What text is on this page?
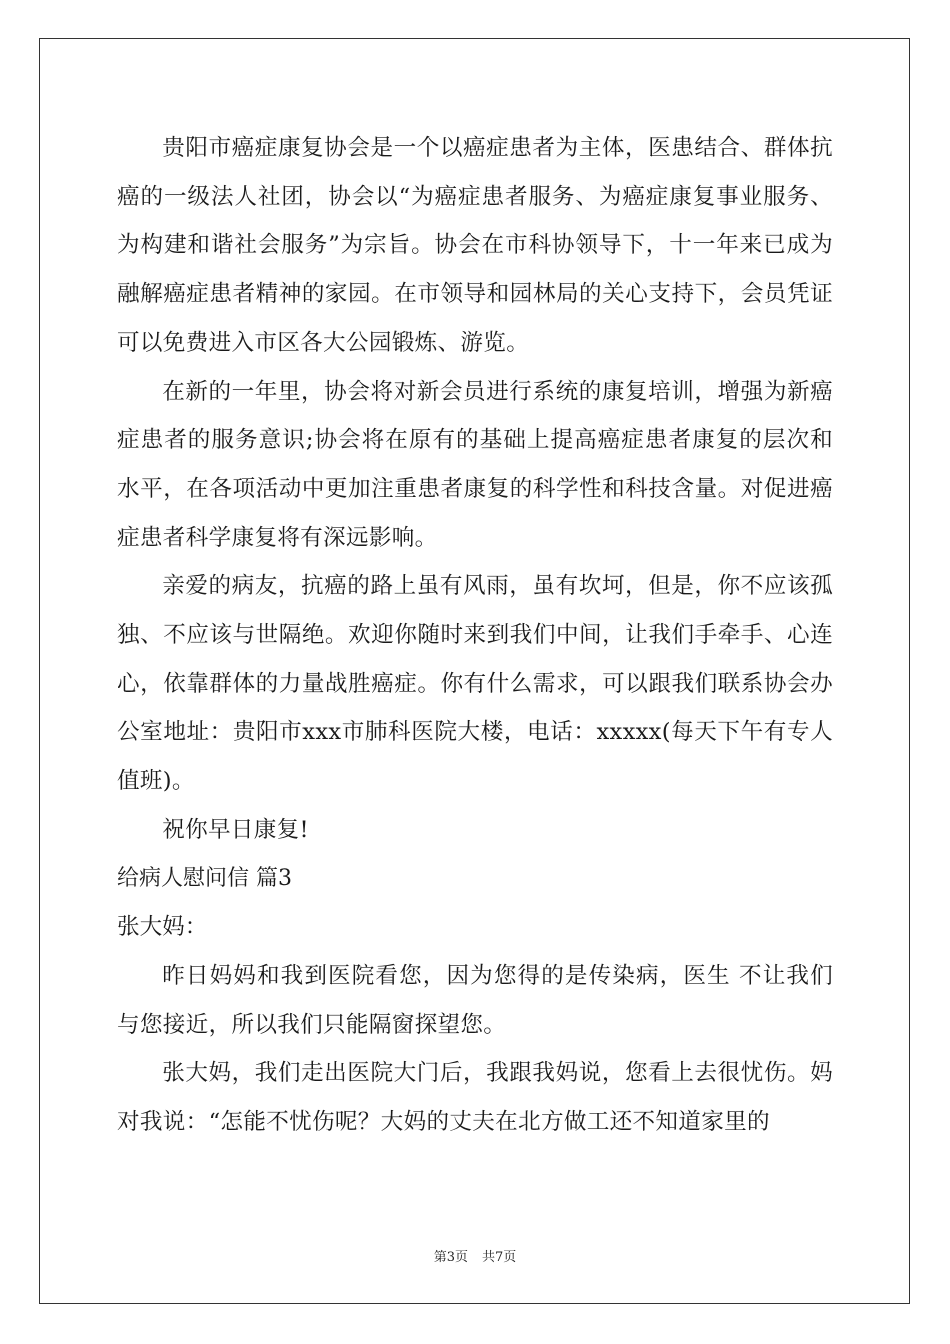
贵阳市癌症康复协会是一个以癌症患者为主体，医患结合、群体抗癌的一级法人社团，协会以“为癌症患者服务、为癌症康复事业服务、为构建和谐社会服务”为宗旨。协会在市科协领导下，十一年来已成为融解癌症患者精神的家园。在市领导和园林局的关心支持下，会员凭证可以免费进入市区各大公园锻炼、游览。

在新的一年里，协会将对新会员进行系统的康复培训，增强为新癌症患者的服务意识;协会将在原有的基础上提高癌症患者康复的层次和水平，在各项活动中更加注重患者康复的科学性和科技含量。对促进癌症患者科学康复将有深远影响。

亲爱的病友，抗癌的路上虽有风雨，虽有坎坷，但是，你不应该孤独、不应该与世隔绝。欢迎你随时来到我们中间，让我们手牵手、心连心，依靠群体的力量战胜癌症。你有什么需求，可以跟我们联系协会办公室地址：贵阳市xxx市肺科医院大楼，电话：xxxxx(每天下午有专人值班)。

祝你早日康复!

给病人慰问信 篇3

张大妈：

昨日妈妈和我到医院看您，因为您得的是传染病，医生 不让我们与您接近，所以我们只能隔窗探望您。

张大妈，我们走出医院大门后，我跟我妈说，您看上去很忧伤。妈对我说：“怎能不忧伤呢？大妈的丈夫在北方做工还不知道家里的

第3页 共7页
